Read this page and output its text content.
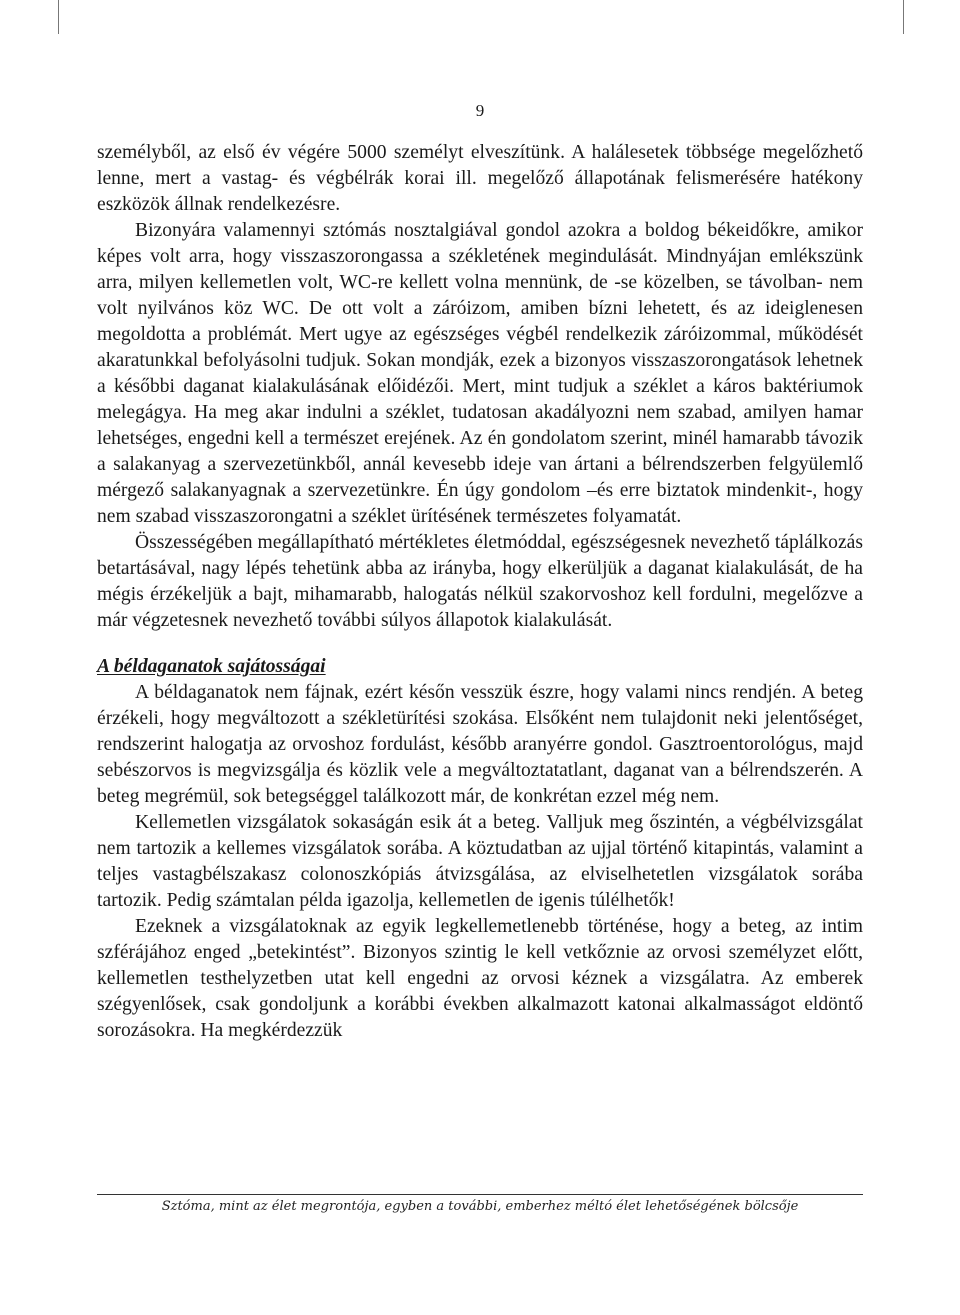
9

személyből, az első év végére 5000 személyt elveszítünk. A halálesetek többsége megelőzhető lenne, mert a vastag- és végbélrák korai ill. megelőző állapotának felismerésére hatékony eszközök állnak rendelkezésre.

Bizonyára valamennyi sztómás nosztalgiával gondol azokra a boldog békeidőkre, amikor képes volt arra, hogy visszaszorongassa a székletének megindulását. Mindnyájan emlékszünk arra, milyen kellemetlen volt, WC-re kellett volna mennünk, de -se közelben, se távolban- nem volt nyilvános köz WC. De ott volt a záróizom, amiben bízni lehetett, és az ideiglenesen megoldotta a problémát. Mert ugye az egészséges végbél rendelkezik záróizommal, működését akaratunkkal befolyásolni tudjuk. Sokan mondják, ezek a bizonyos visszaszorongatások lehetnek a későbbi daganat kialakulásának előidézői. Mert, mint tudjuk a széklet a káros baktériumok melegágya. Ha meg akar indulni a széklet, tudatosan akadályozni nem szabad, amilyen hamar lehetséges, engedni kell a természet erejének. Az én gondolatom szerint, minél hamarabb távozik a salakanyag a szervezetünkből, annál kevesebb ideje van ártani a bélrendszerben felgyülemlő mérgező salakanyagnak a szervezetünkre. Én úgy gondolom –és erre biztatok mindenkit-, hogy nem szabad visszaszorongatni a széklet ürítésének természetes folyamatát.

Összességében megállapítható mértékletes életmóddal, egészségesnek nevezhető táplálkozás betartásával, nagy lépés tehetünk abba az irányba, hogy elkerüljük a daganat kialakulását, de ha mégis érzékeljük a bajt, mihamarabb, halogatás nélkül szakorvoshoz kell fordulni, megelőzve a már végzetesnek nevezhető további súlyos állapotok kialakulását.

A béldaganatok sajátosságai

A béldaganatok nem fájnak, ezért későn vesszük észre, hogy valami nincs rendjén. A beteg érzékeli, hogy megváltozott a székletürítési szokása. Elsőként nem tulajdonit neki jelentőséget, rendszerint halogatja az orvoshoz fordulást, később aranyérre gondol. Gasztroentorológus, majd sebészorvos is megvizsgálja és közlik vele a megváltoztatatlant, daganat van a bélrendszerén. A beteg megrémül, sok betegséggel találkozott már, de konkrétan ezzel még nem.

Kellemetlen vizsgálatok sokaságán esik át a beteg. Valljuk meg őszintén, a végbélvizsgálat nem tartozik a kellemes vizsgálatok sorába. A köztudatban az ujjal történő kitapintás, valamint a teljes vastagbélszakasz colonoszkópiás átvizsgálása, az elviselhetetlen vizsgálatok sorába tartozik. Pedig számtalan példa igazolja, kellemetlen de igenis túlélhetők!

Ezeknek a vizsgálatoknak az egyik legkellemetlenebb történése, hogy a beteg, az intim szférájához enged „betekintést”. Bizonyos szintig le kell vetkőznie az orvosi személyzet előtt, kellemetlen testhelyzetben utat kell engedni az orvosi kéznek a vizsgálatra. Az emberek szégyenlősek, csak gondoljunk a korábbi években alkalmazott katonai alkalmasságot eldöntő sorozásokra. Ha megkérdezzük

Sztóma, mint az élet megrontója, egyben a további, emberhez méltó élet lehetőségének bölcsője
